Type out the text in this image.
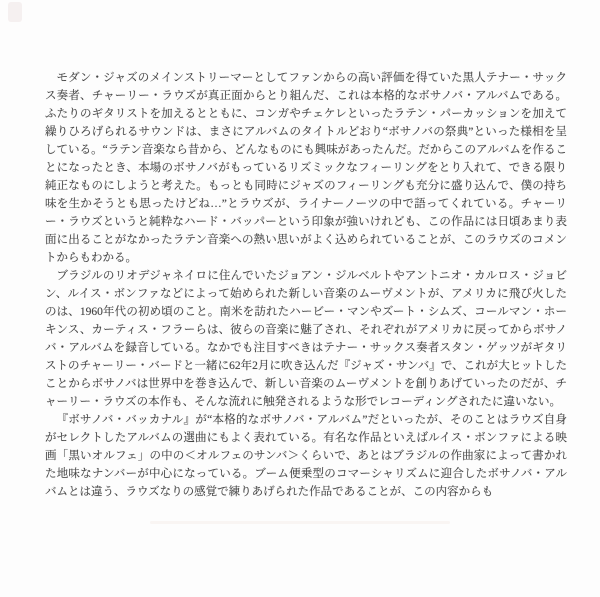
モダン・ジャズのメインストリーマーとしてファンからの高い評価を得ていた黒人テナー・サックス奏者、チャーリー・ラウズが真正面からとり組んだ、これは本格的なボサノバ・アルバムである。ふたりのギタリストを加えるとともに、コンガやチェケレといったラテン・パーカッションを加えて繰りひろげられるサウンドは、まさにアルバムのタイトルどおり“ボサノバの祭典”といった様相を呈している。“ラテン音楽なら昔から、どんなものにも興味があったんだ。だからこのアルバムを作ることになったとき、本場のボサノバがもっているリズミックなフィーリングをとり入れて、できる限り純正なものにしようと考えた。もっとも同時にジャズのフィーリングも充分に盛り込んで、僕の持ち味を生かそうとも思ったけどね…”とラウズが、ライナーノーツの中で語ってくれている。チャーリー・ラウズというと純粋なハード・バッパーという印象が強いけれども、この作品には日頃あまり表面に出ることがなかったラテン音楽への熱い思いがよく込められていることが、このラウズのコメントからもわかる。

ブラジルのリオデジャネイロに住んでいたジョアン・ジルベルトやアントニオ・カルロス・ジョビン、ルイス・ボンファなどによって始められた新しい音楽のムーヴメントが、アメリカに飛び火したのは、1960年代の初め頃のこと。南米を訪れたハービー・マンやズート・シムズ、コールマン・ホーキンス、カーティス・フラーらは、彼らの音楽に魅了され、それぞれがアメリカに戻ってからボサノバ・アルバムを録音している。なかでも注目すべきはテナー・サックス奏者スタン・ゲッツがギタリストのチャーリー・バードと一緒に62年2月に吹き込んだ『ジャズ・サンバ』で、これが大ヒットしたことからボサノバは世界中を巻き込んで、新しい音楽のムーヴメントを創りあげていったのだが、チャーリー・ラウズの本作も、そんな流れに触発されるような形でレコーディングされたに違いない。

『ボサノバ・バッカナル』が“本格的なボサノバ・アルバム”だといったが、そのことはラウズ自身がセレクトしたアルバムの選曲にもよく表れている。有名な作品といえばルイス・ボンファによる映画「黒いオルフェ」の中の＜オルフェのサンバ＞くらいで、あとはブラジルの作曲家によって書かれた地味なナンバーが中心になっている。ブーム便乗型のコマーシャリズムに迎合したボサノバ・アルバムとは違う、ラウズなりの感覚で練りあげられた作品であることが、この内容からも
